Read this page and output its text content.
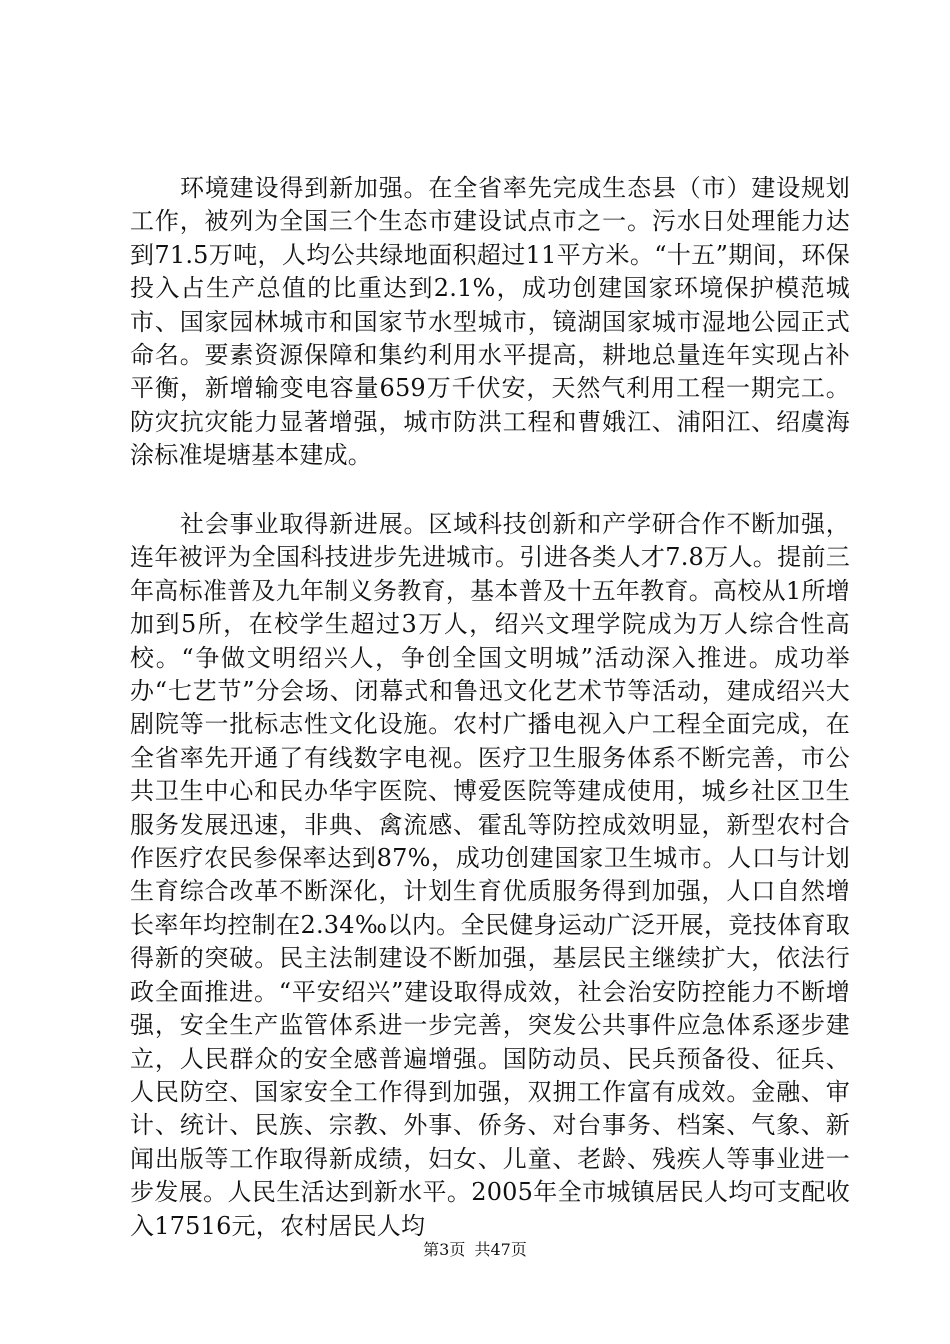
环境建设得到新加强。在全省率先完成生态县（市）建设规划工作，被列为全国三个生态市建设试点市之一。污水日处理能力达到71.5万吨，人均公共绿地面积超过11平方米。“十五”期间，环保投入占生产总值的比重达到2.1%，成功创建国家环境保护模范城市、国家园林城市和国家节水型城市，镜湖国家城市湿地公园正式命名。要素资源保障和集约利用水平提高，耕地总量连年实现占补平衡，新增输变电容量659万千伏安，天然气利用工程一期完工。防灾抗灾能力显著增强，城市防洪工程和曹娥江、浦阳江、绍虞海涂标准堤塘基本建成。

社会事业取得新进展。区域科技创新和产学研合作不断加强，连年被评为全国科技进步先进城市。引进各类人才7.8万人。提前三年高标准普及九年制义务教育，基本普及十五年教育。高校从1所增加到5所，在校学生超过3万人，绍兴文理学院成为万人综合性高校。“争做文明绍兴人，争创全国文明城”活动深入推进。成功举办“七艺节”分会场、闭幕式和鲁迅文化艺术节等活动，建成绍兴大剧院等一批标志性文化设施。农村广播电视入户工程全面完成，在全省率先开通了有线数字电视。医疗卫生服务体系不断完善，市公共卫生中心和民办华宇医院、博爱医院等建成使用，城乡社区卫生服务发展迅速，非典、禽流感、霍乱等防控成效明显，新型农村合作医疗农民参保率达到87%，成功创建国家卫生城市。人口与计划生育综合改革不断深化，计划生育优质服务得到加强，人口自然增长率年均控制在2.34‰以内。全民健身运动广泛开展，竞技体育取得新的突破。民主法制建设不断加强，基层民主继续扩大，依法行政全面推进。“平安绍兴”建设取得成效，社会治安防控能力不断增强，安全生产监管体系进一步完善，突发公共事件应急体系逐步建立，人民群众的安全感普遍增强。国防动员、民兵预备役、征兵、人民防空、国家安全工作得到加强，双拥工作富有成效。金融、审计、统计、民族、宗教、外事、侨务、对台事务、档案、气象、新闻出版等工作取得新成绩，妇女、儿童、老龄、残疾人等事业进一步发展。人民生活达到新水平。2005年全市城镇居民人均可支配收入17516元，农村居民人均

第3页 共47页
